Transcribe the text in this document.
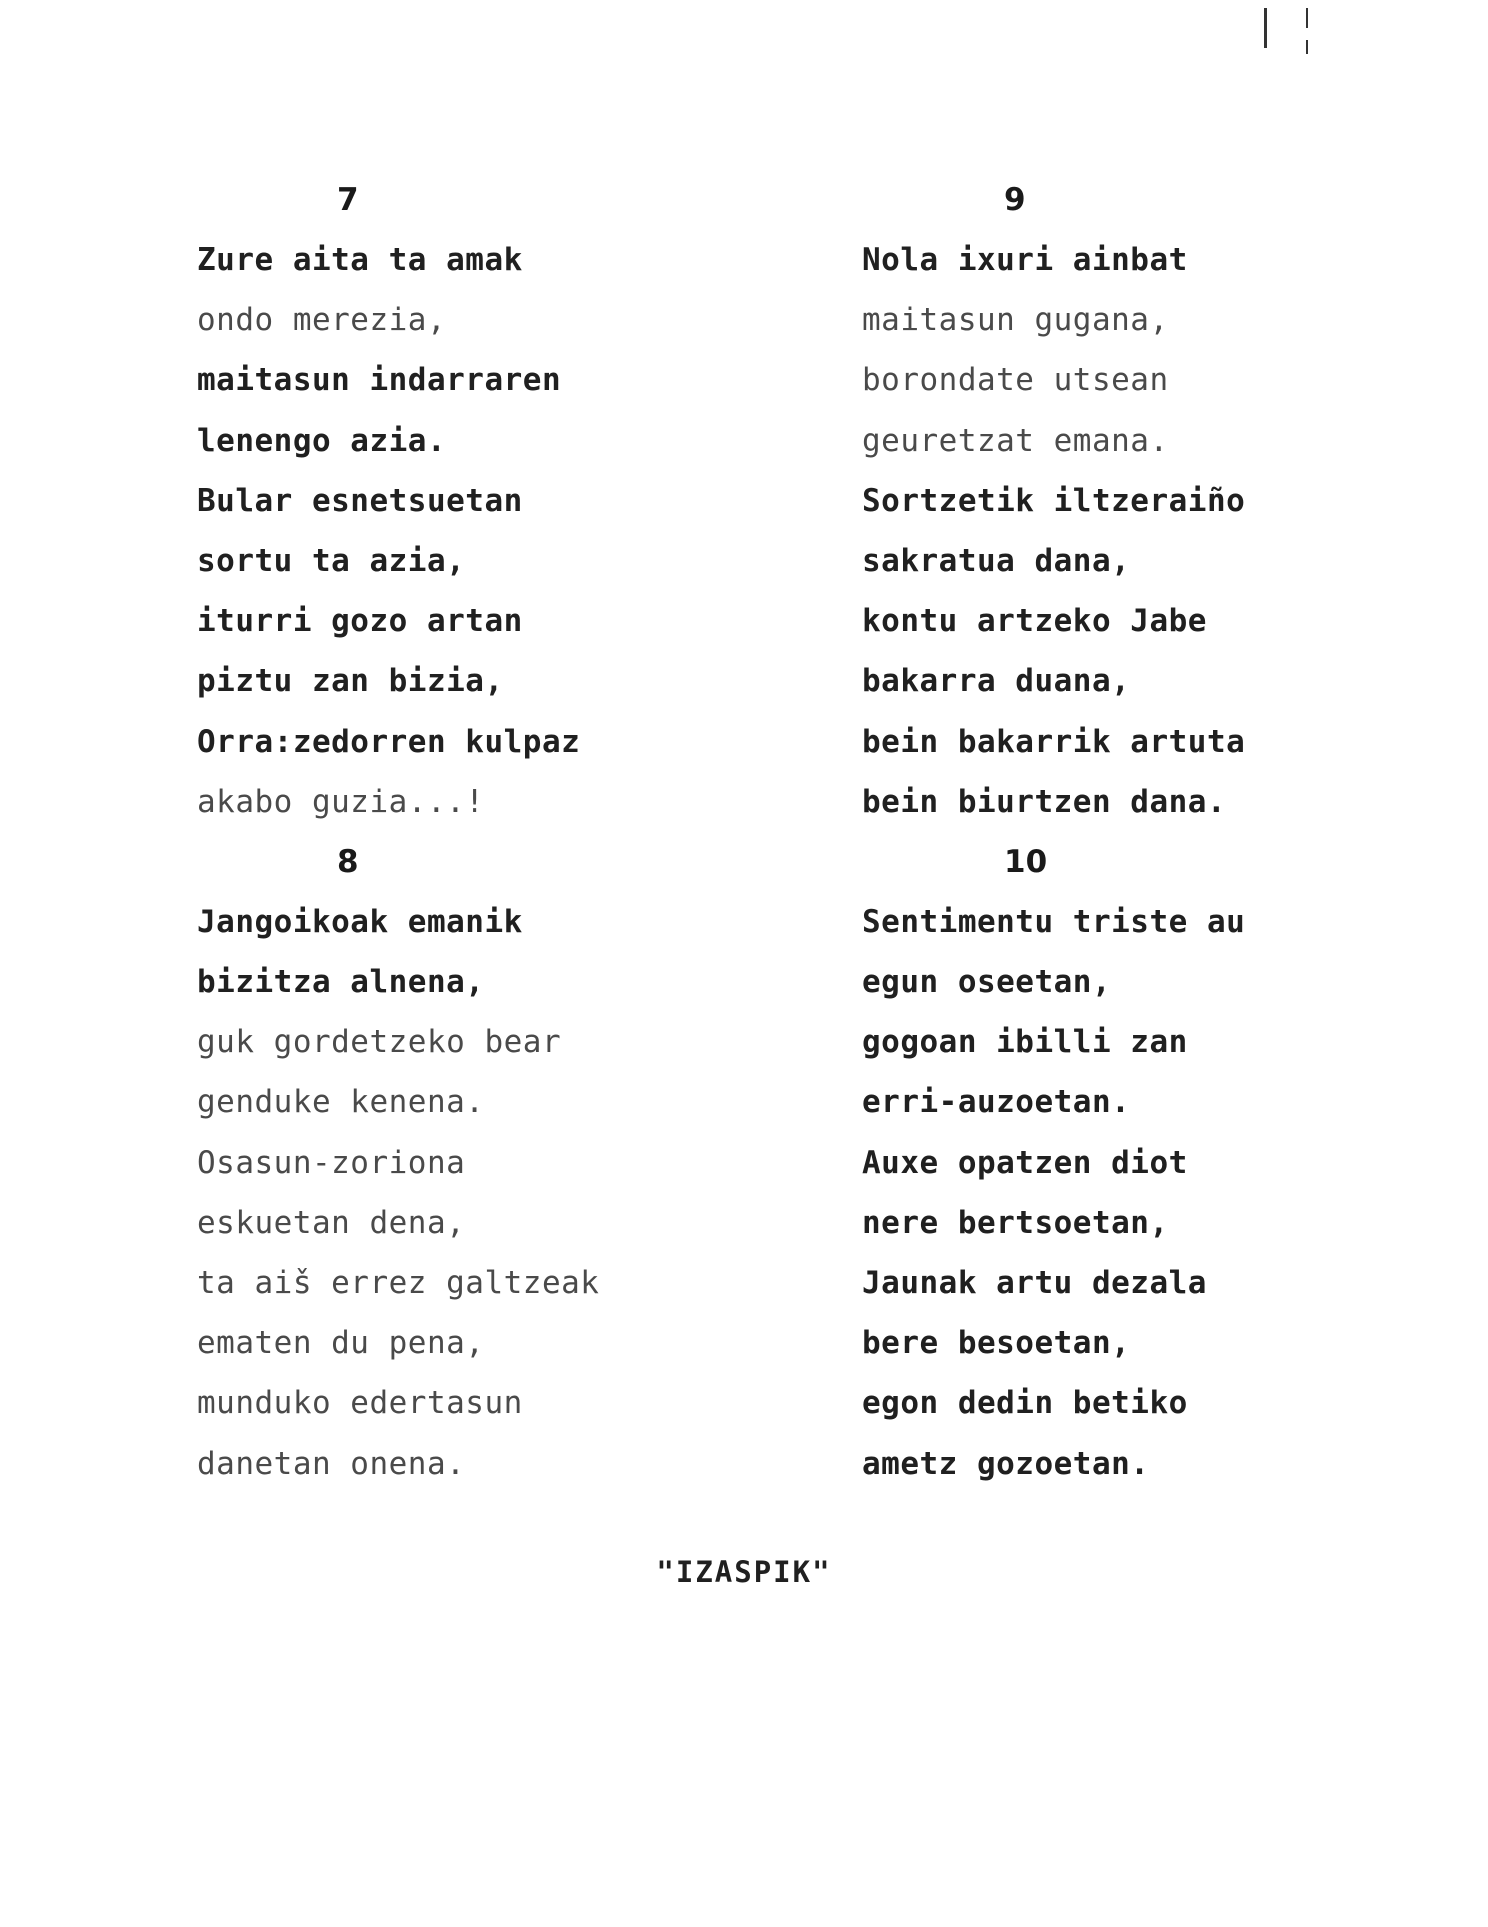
7
Zure aita ta amak
ondo merezia,
maitasun indarraren
lenengo azia.
Bular esnetsuetan
sortu ta azia,
iturri gozo artan
piztu zan bizia,
Orra:zedorren kulpaz
akabo guzia...!
8
Jangoikoak emanik
bizitza alnena,
guk gordetzeko bear
genduke kenena.
Osasun-zoriona
eskuetan dena,
ta aiš errez galtzeak
ematen du pena,
munduko edertasun
danetan onena.
9
Nola ixuri ainbat
maitasun gugana,
borondate utsean
geuretzat emana.
Sortzetik iltzeraiño
sakratua dana,
kontu artzeko Jabe
bakarra duana,
bein bakarrik artuta
bein biurtzen dana.
10
Sentimentu triste au
egun oseetan,
gogoan ibilli zan
erri-auzoetan.
Auxe opatzen diot
nere bertsoetan,
Jaunak artu dezala
bere besoetan,
egon dedin betiko
ametz gozoetan.
"IZASPIK"
